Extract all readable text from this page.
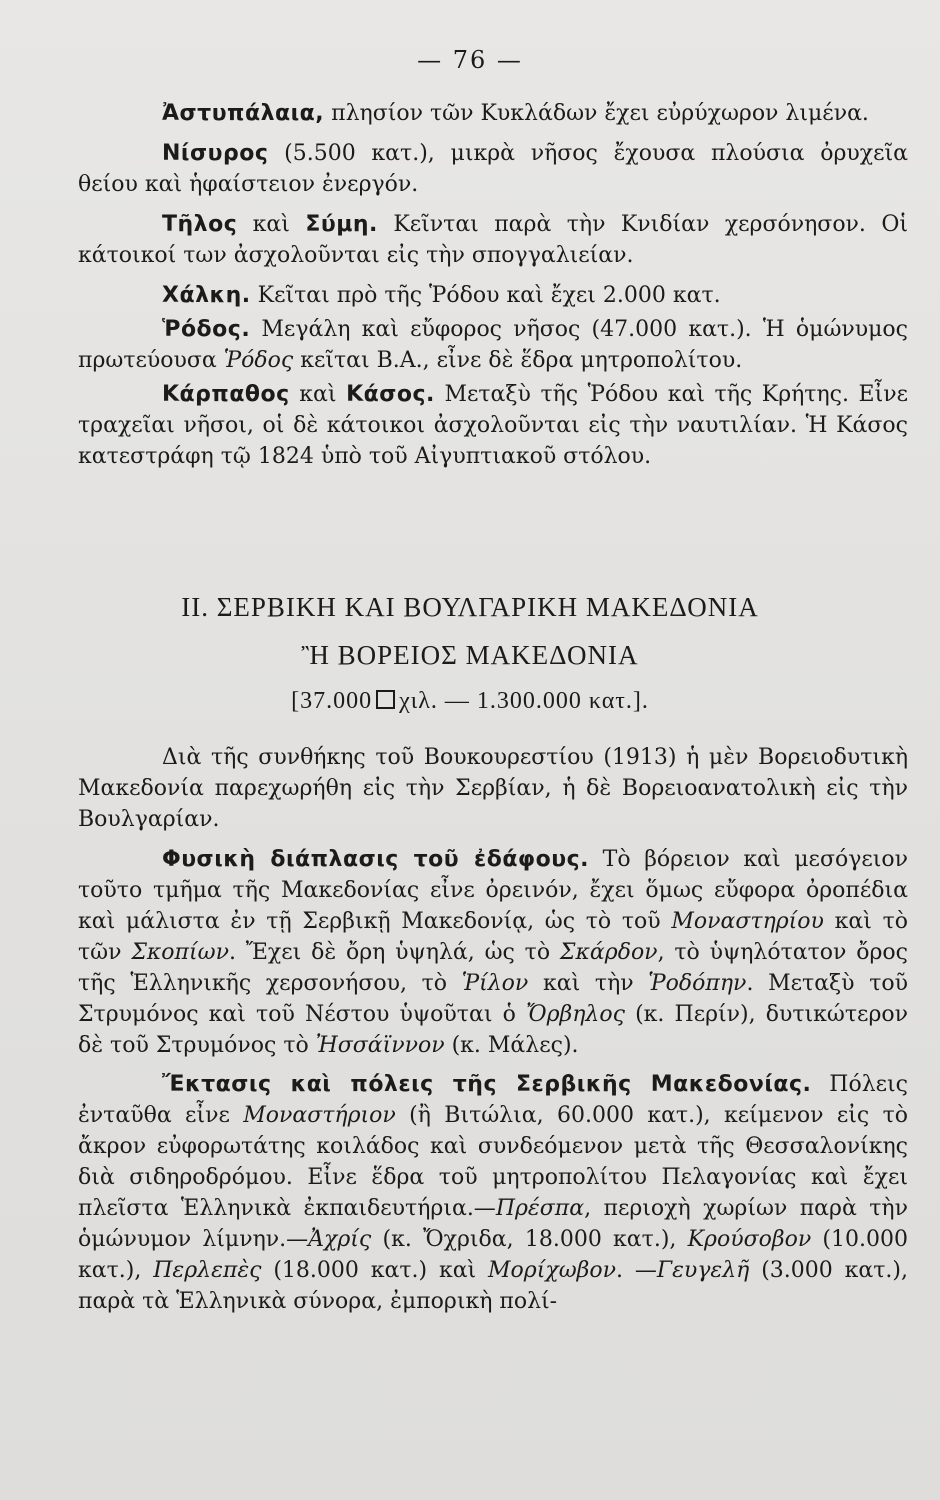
— 76 —

Ἀστυπάλαια, πλησίον τῶν Κυκλάδων ἔχει εὐρύχωρον λιμένα.

Νίσυρος (5.500 κατ.), μικρὰ νῆσος ἔχουσα πλούσια ὀρυχεῖα θείου καὶ ἡφαίστειον ἐνεργόν.

Τῆλος καὶ Σύμη. Κεῖνται παρὰ τὴν Κνιδίαν χερσόνησον. Οἱ κάτοικοί των ἀσχολοῦνται εἰς τὴν σπογγαλιείαν.

Χάλκη. Κεῖται πρὸ τῆς Ῥόδου καὶ ἔχει 2.000 κατ.

Ῥόδος. Μεγάλη καὶ εὔφορος νῆσος (47.000 κατ.). Ἡ ὁμώνυμος πρωτεύουσα Ῥόδος κεῖται Β.Α., εἶνε δὲ ἕδρα μητροπολίτου.

Κάρπαθος καὶ Κάσος. Μεταξὺ τῆς Ῥόδου καὶ τῆς Κρήτης. Εἶνε τραχεῖαι νῆσοι, οἱ δὲ κάτοικοι ἀσχολοῦνται εἰς τὴν ναυτιλίαν. Ἡ Κάσος κατεστράφη τῷ 1824 ὑπὸ τοῦ Αἰγυπτιακοῦ στόλου.

II. ΣΕΡΒΙΚΗ ΚΑΙ ΒΟΥΛΓΑΡΙΚΗ ΜΑΚΕΔΟΝΙΑ
Ἢ ΒΟΡΕΙΟΣ ΜΑΚΕΔΟΝΙΑ
[37.000 χιλ. — 1.300.000 κατ.].

Διὰ τῆς συνθήκης τοῦ Βουκουρεστίου (1913) ἡ μὲν Βορειοδυτικὴ Μακεδονία παρεχωρήθη εἰς τὴν Σερβίαν, ἡ δὲ Βορειοανατολικὴ εἰς τὴν Βουλγαρίαν.

Φυσικὴ διάπλασις τοῦ ἐδάφους. Τὸ βόρειον καὶ μεσόγειον τοῦτο τμῆμα τῆς Μακεδονίας εἶνε ὀρεινόν, ἔχει ὅμως εὔφορα ὀροπέδια καὶ μάλιστα ἐν τῇ Σερβικῇ Μακεδονίᾳ, ὡς τὸ τοῦ Μοναστηρίου καὶ τὸ τῶν Σκοπίων. Ἔχει δὲ ὄρη ὑψηλά, ὡς τὸ Σκάρδον, τὸ ὑψηλότατον ὄρος τῆς Ἑλληνικῆς χερσονήσου, τὸ Ῥίλον καὶ τὴν Ῥοδόπην. Μεταξὺ τοῦ Στρυμόνος καὶ τοῦ Νέστου ὑψοῦται ὁ Ὄρβηλος (κ. Περίν), δυτικώτερον δὲ τοῦ Στρυμόνος τὸ Ἠσσάϊννον (κ. Μάλες).

Ἔκτασις καὶ πόλεις τῆς Σερβικῆς Μακεδονίας. Πόλεις ἐνταῦθα εἶνε Μοναστήριον (ἢ Βιτώλια, 60.000 κατ.), κείμενον εἰς τὸ ἄκρον εὐφορωτάτης κοιλάδος καὶ συνδεόμενον μετὰ τῆς Θεσσαλονίκης διὰ σιδηροδρόμου. Εἶνε ἕδρα τοῦ μητροπολίτου Πελαγονίας καὶ ἔχει πλεῖστα Ἑλληνικὰ ἐκπαιδευτήρια.—Πρέσπα, περιοχὴ χωρίων παρὰ τὴν ὁμώνυμον λίμνην.—Ἀχρίς (κ. Ὄχριδα, 18.000 κατ.), Κρούσοβον (10.000 κατ.), Περλεπὲς (18.000 κατ.) καὶ Μορίχωβον. —Γευγελῆ (3.000 κατ.), παρὰ τὰ Ἑλληνικὰ σύνορα, ἐμπορικὴ πολί-
